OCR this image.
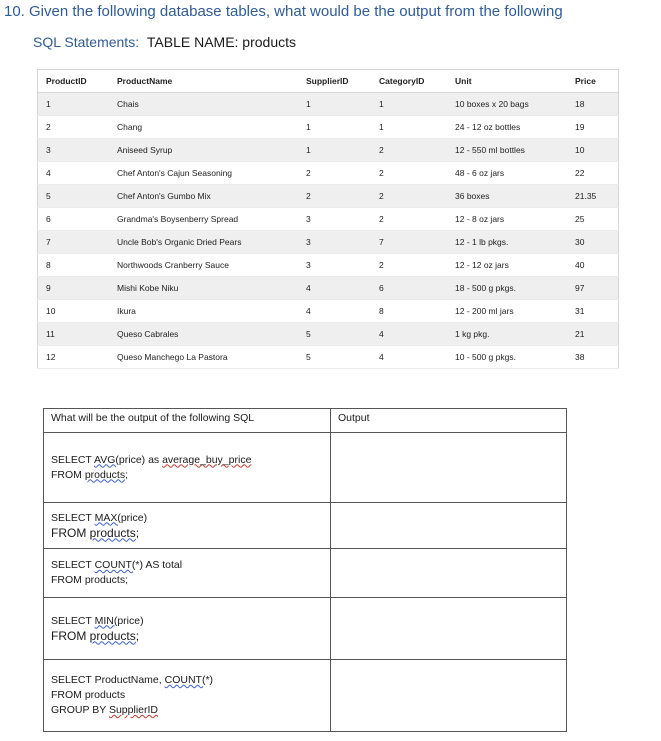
10. Given the following database tables, what would be the output from the following
SQL Statements: TABLE NAME: products
ProductID	ProductName	SupplierID	CategoryID	Unit	Price
1	Chais	1	1	10 boxes x 20 bags	18
2	Chang	1	1	24 - 12 oz bottles	19
3	Aniseed Syrup	1	2	12 - 550 ml bottles	10
4	Chef Anton's Cajun Seasoning	2	2	48 - 6 oz jars	22
5	Chef Anton's Gumbo Mix	2	2	36 boxes	21.35
6	Grandma's Boysenberry Spread	3	2	12 - 8 oz jars	25
7	Uncle Bob's Organic Dried Pears	3	7	12 - 1 lb pkgs.	30
8	Northwoods Cranberry Sauce	3	2	12 - 12 oz jars	40
9	Mishi Kobe Niku	4	6	18 - 500 g pkgs.	97
10	Ikura	4	8	12 - 200 ml jars	31
11	Queso Cabrales	5	4	1 kg pkg.	21
12	Queso Manchego La Pastora	5	4	10 - 500 g pkgs.	38
What will be the output of the following SQL	Output

SELECT AVG(price) as average_buy_price
FROM products;	

SELECT MAX(price)
FROM products;	

SELECT COUNT(*) AS total
FROM products;	

SELECT MIN(price)
FROM products;	

SELECT ProductName, COUNT(*)
FROM products
GROUP BY SupplierID	
